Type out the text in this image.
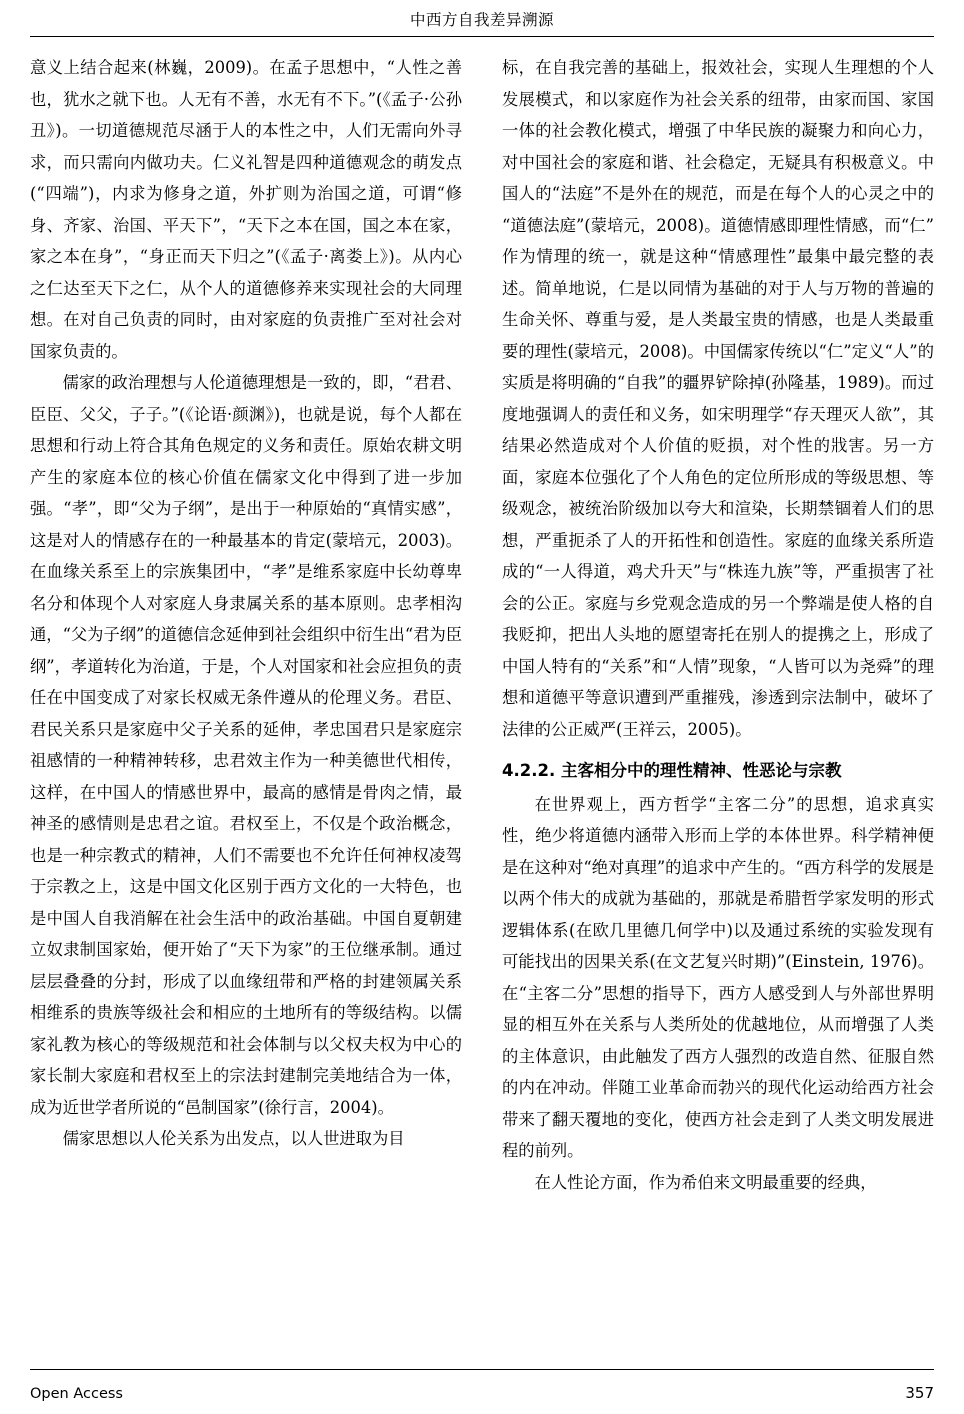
中西方自我差异溯源

意义上结合起来(林巍，2009)。在孟子思想中，“人性之善也，犹水之就下也。人无有不善，水无有不下。”(《孟子·公孙丑》)。一切道德规范尽涵于人的本性之中，人们无需向外寻求，而只需向内做功夫。仁义礼智是四种道德观念的萌发点(“四端”)，内求为修身之道，外扩则为治国之道，可谓“修身、齐家、治国、平天下”，“天下之本在国，国之本在家，家之本在身”，“身正而天下归之”(《孟子·离娄上》)。从内心之仁达至天下之仁，从个人的道德修养来实现社会的大同理想。在对自己负责的同时，由对家庭的负责推广至对社会对国家负责的。

儒家的政治理想与人伦道德理想是一致的，即，“君君、臣臣、父父，子子。”(《论语·颜渊》)，也就是说，每个人都在思想和行动上符合其角色规定的义务和责任。原始农耕文明产生的家庭本位的核心价值在儒家文化中得到了进一步加强。“孝”，即“父为子纲”，是出于一种原始的“真情实感”，这是对人的情感存在的一种最基本的肯定(蒙培元，2003)。在血缘关系至上的宗族集团中，“孝”是维系家庭中长幼尊卑名分和体现个人对家庭人身隶属关系的基本原则。忠孝相沟通，“父为子纲”的道德信念延伸到社会组织中衍生出“君为臣纲”，孝道转化为治道，于是，个人对国家和社会应担负的责任在中国变成了对家长权威无条件遵从的伦理义务。君臣、君民关系只是家庭中父子关系的延伸，孝忠国君只是家庭宗祖感情的一种精神转移，忠君效主作为一种美德世代相传，这样，在中国人的情感世界中，最高的感情是骨肉之情，最神圣的感情则是忠君之谊。君权至上，不仅是个政治概念，也是一种宗教式的精神，人们不需要也不允许任何神权凌驾于宗教之上，这是中国文化区别于西方文化的一大特色，也是中国人自我消解在社会生活中的政治基础。中国自夏朝建立奴隶制国家始，便开始了“天下为家”的王位继承制。通过层层叠叠的分封，形成了以血缘纽带和严格的封建领属关系相维系的贵族等级社会和相应的土地所有的等级结构。以儒家礼教为核心的等级规范和社会体制与以父权夫权为中心的家长制大家庭和君权至上的宗法封建制完美地结合为一体，成为近世学者所说的“邑制国家”(徐行言，2004)。

儒家思想以人伦关系为出发点，以人世进取为目

标，在自我完善的基础上，报效社会，实现人生理想的个人发展模式，和以家庭作为社会关系的纽带，由家而国、家国一体的社会教化模式，增强了中华民族的凝聚力和向心力，对中国社会的家庭和谐、社会稳定，无疑具有积极意义。中国人的“法庭”不是外在的规范，而是在每个人的心灵之中的“道德法庭”(蒙培元，2008)。道德情感即理性情感，而“仁”作为情理的统一，就是这种“情感理性”最集中最完整的表述。简单地说，仁是以同情为基础的对于人与万物的普遍的生命关怀、尊重与爱，是人类最宝贵的情感，也是人类最重要的理性(蒙培元，2008)。中国儒家传统以“仁”定义“人”的实质是将明确的“自我”的疆界铲除掉(孙隆基，1989)。而过度地强调人的责任和义务，如宋明理学“存天理灭人欲”，其结果必然造成对个人价值的贬损，对个性的戕害。另一方面，家庭本位强化了个人角色的定位所形成的等级思想、等级观念，被统治阶级加以夸大和渲染，长期禁锢着人们的思想，严重扼杀了人的开拓性和创造性。家庭的血缘关系所造成的“一人得道，鸡犬升天”与“株连九族”等，严重损害了社会的公正。家庭与乡党观念造成的另一个弊端是使人格的自我贬抑，把出人头地的愿望寄托在别人的提携之上，形成了中国人特有的“关系”和“人情”现象，“人皆可以为尧舜”的理想和道德平等意识遭到严重摧残，渗透到宗法制中，破坏了法律的公正威严(王祥云，2005)。

4.2.2. 主客相分中的理性精神、性恶论与宗教

在世界观上，西方哲学“主客二分”的思想，追求真实性，绝少将道德内涵带入形而上学的本体世界。科学精神便是在这种对“绝对真理”的追求中产生的。“西方科学的发展是以两个伟大的成就为基础的，那就是希腊哲学家发明的形式逻辑体系(在欧几里德几何学中)以及通过系统的实验发现有可能找出的因果关系(在文艺复兴时期)”(Einstein, 1976)。在“主客二分”思想的指导下，西方人感受到人与外部世界明显的相互外在关系与人类所处的优越地位，从而增强了人类的主体意识，由此触发了西方人强烈的改造自然、征服自然的内在冲动。伴随工业革命而勃兴的现代化运动给西方社会带来了翻天覆地的变化，使西方社会走到了人类文明发展进程的前列。

在人性论方面，作为希伯来文明最重要的经典，

Open Access	357
